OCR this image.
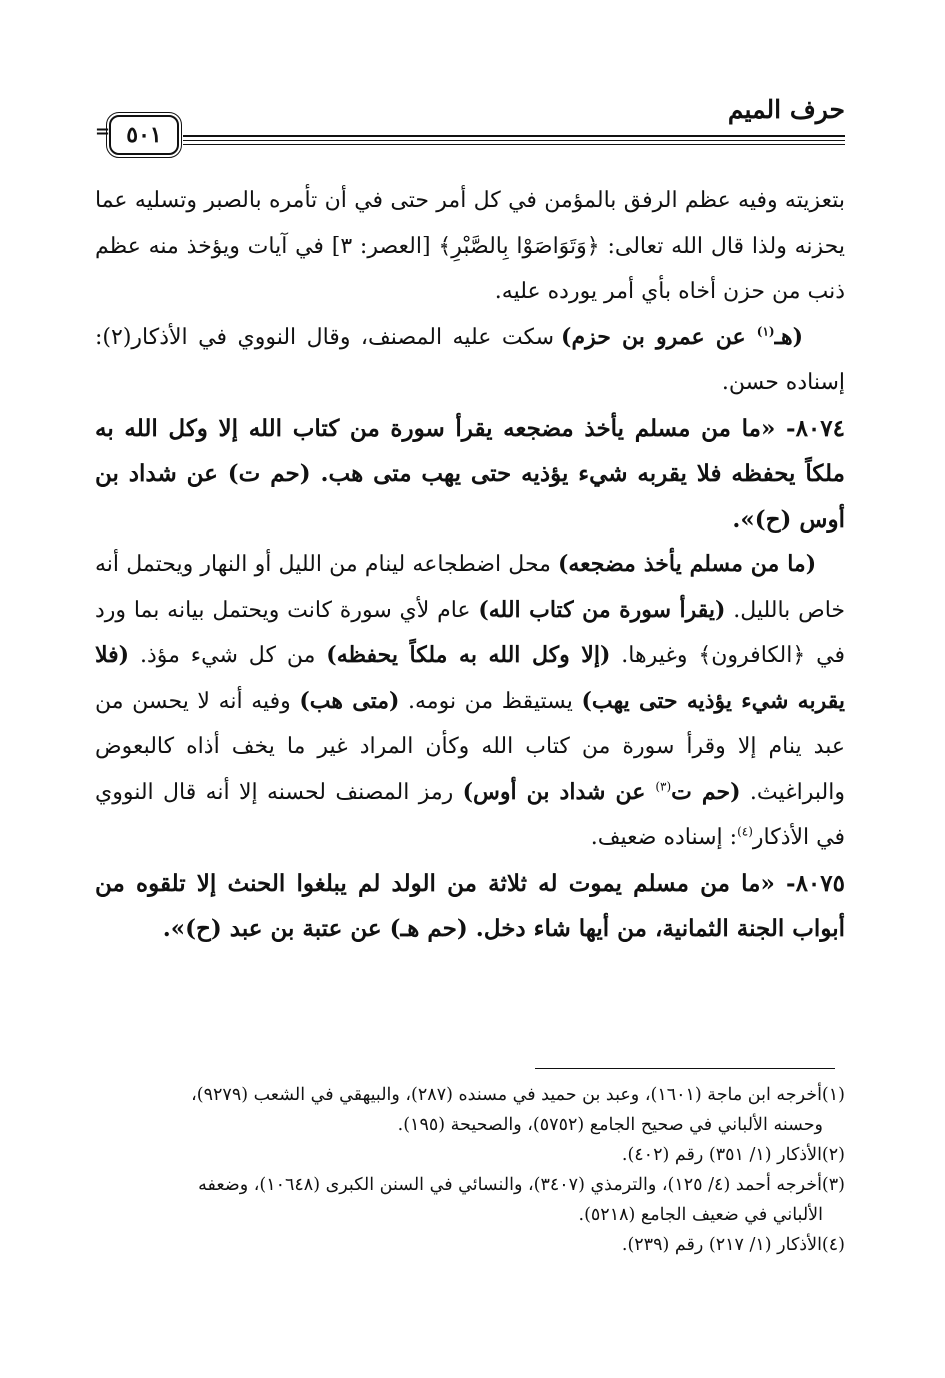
حرف الميم
٥٠١
=

بتعزيته وفيه عظم الرفق بالمؤمن في كل أمر حتى في أن تأمره بالصبر وتسليه عما يحزنه ولذا قال الله تعالى: ﴿وَتَوَاصَوْا بِالصَّبْرِ﴾ [العصر: ٣] في آيات ويؤخذ منه عظم ذنب من حزن أخاه بأي أمر يورده عليه.

(هـ$^{(١)}$ عن عمرو بن حزم) سكت عليه المصنف، وقال النووي في الأذكار(٢): إسناده حسن.

٨٠٧٤- «ما من مسلم يأخذ مضجعه يقرأ سورة من كتاب الله إلا وكل الله به ملكاً يحفظه فلا يقربه شيء يؤذيه حتى يهب متى هب. (حم ت) عن شداد بن أوس (ح)».

(ما من مسلم يأخذ مضجعه) محل اضطجاعه لينام من الليل أو النهار ويحتمل أنه خاص بالليل. (يقرأ سورة من كتاب الله) عام لأي سورة كانت ويحتمل بيانه بما ورد في ﴿الكافرون﴾ وغيرها. (إلا وكل الله به ملكاً يحفظه) من كل شيء مؤذ. (فلا يقربه شيء يؤذيه حتى يهب) يستيقظ من نومه. (متى هب) وفيه أنه لا يحسن من عبد ينام إلا وقرأ سورة من كتاب الله وكأن المراد غير ما يخف أذاه كالبعوض والبراغيث. (حم ت$^{(٣)}$ عن شداد بن أوس) رمز المصنف لحسنه إلا أنه قال النووي في الأذكار$^{(٤)}$: إسناده ضعيف.

٨٠٧٥- «ما من مسلم يموت له ثلاثة من الولد لم يبلغوا الحنث إلا تلقوه من أبواب الجنة الثمانية، من أيها شاء دخل. (حم هـ) عن عتبة بن عبد (ح)».

(١)أخرجه ابن ماجة (١٦٠١)، وعبد بن حميد في مسنده (٢٨٧)، والبيهقي في الشعب (٩٢٧٩)،

وحسنه الألباني في صحيح الجامع (٥٧٥٢)، والصحيحة (١٩٥).

(٢)الأذكار (١/ ٣٥١) رقم (٤٠٢).

(٣)أخرجه أحمد (٤/ ١٢٥)، والترمذي (٣٤٠٧)، والنسائي في السنن الكبرى (١٠٦٤٨)، وضعفه

الألباني في ضعيف الجامع (٥٢١٨).

(٤)الأذكار (١/ ٢١٧) رقم (٢٣٩).
